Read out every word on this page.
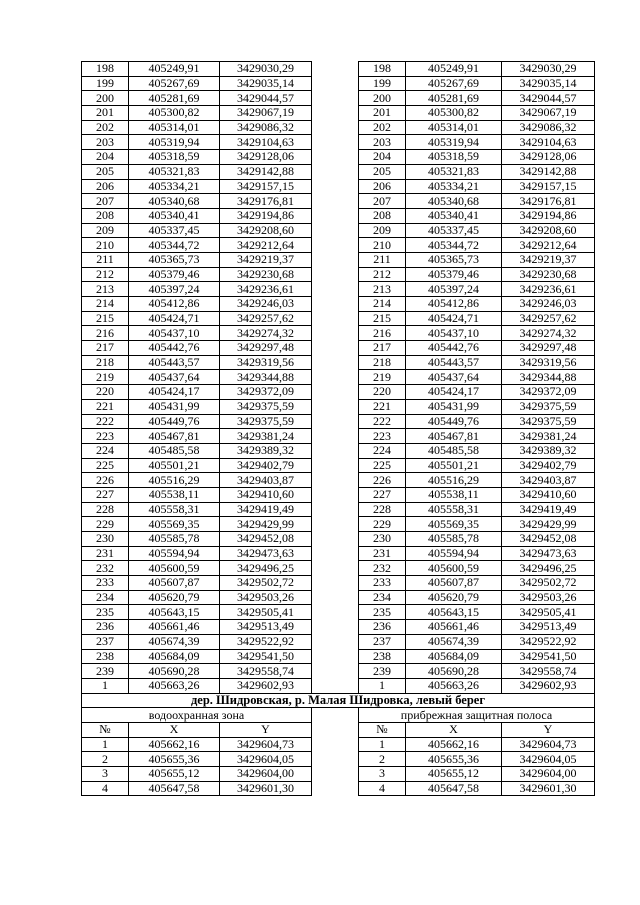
198	405249,91	3429030,29		198	405249,91	3429030,29
199	405267,69	3429035,14		199	405267,69	3429035,14
200	405281,69	3429044,57		200	405281,69	3429044,57
201	405300,82	3429067,19		201	405300,82	3429067,19
202	405314,01	3429086,32		202	405314,01	3429086,32
203	405319,94	3429104,63		203	405319,94	3429104,63
204	405318,59	3429128,06		204	405318,59	3429128,06
205	405321,83	3429142,88		205	405321,83	3429142,88
206	405334,21	3429157,15		206	405334,21	3429157,15
207	405340,68	3429176,81		207	405340,68	3429176,81
208	405340,41	3429194,86		208	405340,41	3429194,86
209	405337,45	3429208,60		209	405337,45	3429208,60
210	405344,72	3429212,64		210	405344,72	3429212,64
211	405365,73	3429219,37		211	405365,73	3429219,37
212	405379,46	3429230,68		212	405379,46	3429230,68
213	405397,24	3429236,61		213	405397,24	3429236,61
214	405412,86	3429246,03		214	405412,86	3429246,03
215	405424,71	3429257,62		215	405424,71	3429257,62
216	405437,10	3429274,32		216	405437,10	3429274,32
217	405442,76	3429297,48		217	405442,76	3429297,48
218	405443,57	3429319,56		218	405443,57	3429319,56
219	405437,64	3429344,88		219	405437,64	3429344,88
220	405424,17	3429372,09		220	405424,17	3429372,09
221	405431,99	3429375,59		221	405431,99	3429375,59
222	405449,76	3429375,59		222	405449,76	3429375,59
223	405467,81	3429381,24		223	405467,81	3429381,24
224	405485,58	3429389,32		224	405485,58	3429389,32
225	405501,21	3429402,79		225	405501,21	3429402,79
226	405516,29	3429403,87		226	405516,29	3429403,87
227	405538,11	3429410,60		227	405538,11	3429410,60
228	405558,31	3429419,49		228	405558,31	3429419,49
229	405569,35	3429429,99		229	405569,35	3429429,99
230	405585,78	3429452,08		230	405585,78	3429452,08
231	405594,94	3429473,63		231	405594,94	3429473,63
232	405600,59	3429496,25		232	405600,59	3429496,25
233	405607,87	3429502,72		233	405607,87	3429502,72
234	405620,79	3429503,26		234	405620,79	3429503,26
235	405643,15	3429505,41		235	405643,15	3429505,41
236	405661,46	3429513,49		236	405661,46	3429513,49
237	405674,39	3429522,92		237	405674,39	3429522,92
238	405684,09	3429541,50		238	405684,09	3429541,50
239	405690,28	3429558,74		239	405690,28	3429558,74
1	405663,26	3429602,93		1	405663,26	3429602,93
дер. Шидровская, р. Малая Шидровка, левый берег						
водоохранная зона				прибрежная защитная полоса		
№	X	Y		№	X	Y
1	405662,16	3429604,73		1	405662,16	3429604,73
2	405655,36	3429604,05		2	405655,36	3429604,05
3	405655,12	3429604,00		3	405655,12	3429604,00
4	405647,58	3429601,30		4	405647,58	3429601,30
